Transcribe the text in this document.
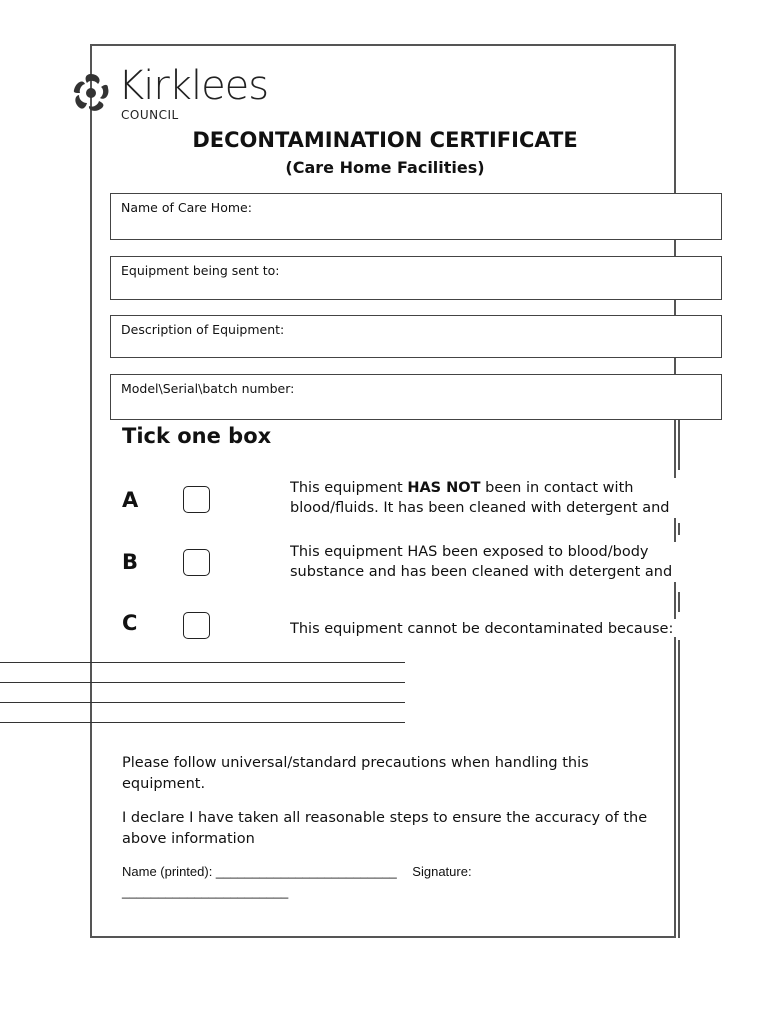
Kirklees
COUNCIL
DECONTAMINATION CERTIFICATE
(Care Home Facilities)
Name of Care Home:
Equipment being sent to:
Description of Equipment:
Model\Serial\batch number:
Tick one box
A	This equipment HAS NOT been in contact with blood/fluids. It has been cleaned with detergent and
B	This equipment HAS been exposed to blood/body substance and has been cleaned with detergent and
C	This equipment cannot be decontaminated because:
Please follow universal/standard precautions when handling this equipment.
I declare I have taken all reasonable steps to ensure the accuracy of the above information
Name (printed): _________________________ Signature:
_______________________
